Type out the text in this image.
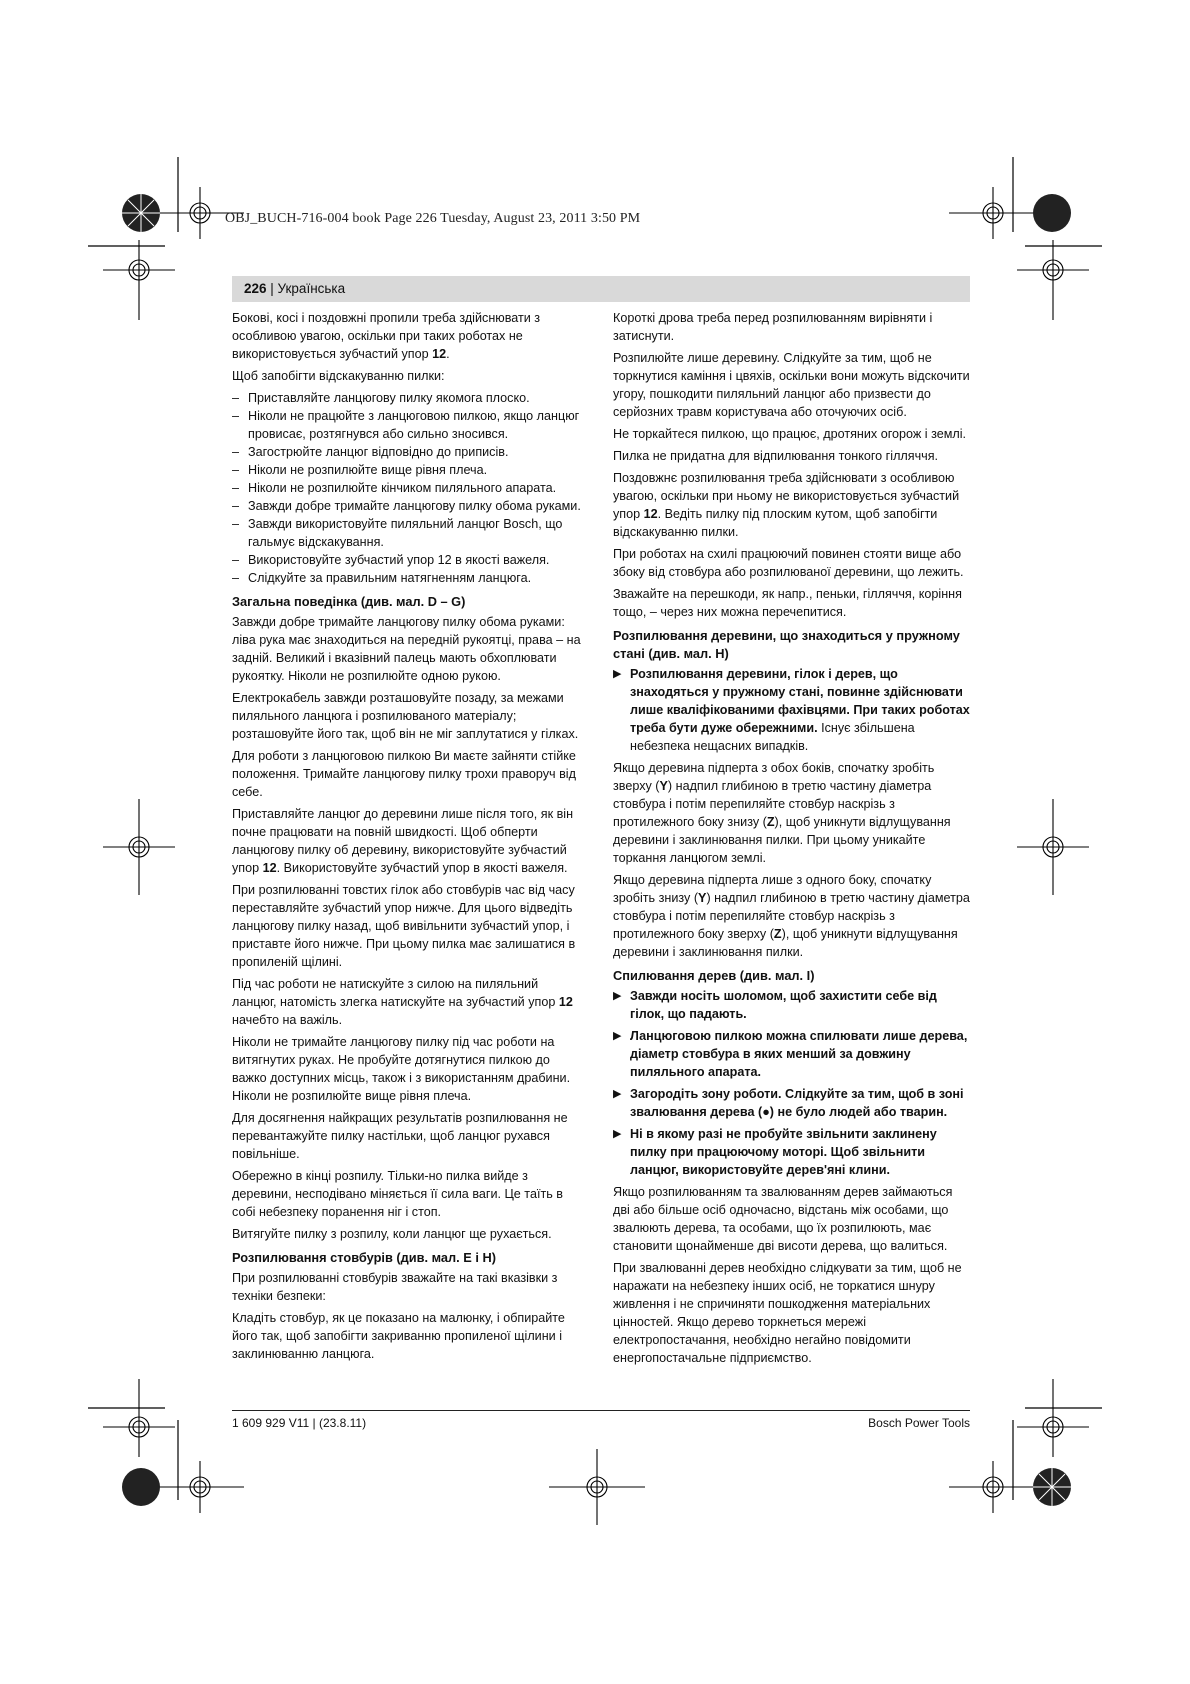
OBJ_BUCH-716-004 book Page 226 Tuesday, August 23, 2011 3:50 PM
226 | Українська

Бокові, косі і поздовжні пропили треба здійснювати з особливою увагою, оскільки при таких роботах не використовується зубчастий упор 12.

Щоб запобігти відскакуванню пилки:

– Приставляйте ланцюгову пилку якомога плоско.
– Ніколи не працюйте з ланцюговою пилкою, якщо ланцюг провисає, розтягнувся або сильно зносився.
– Загострюйте ланцюг відповідно до приписів.
– Ніколи не розпилюйте вище рівня плеча.
– Ніколи не розпилюйте кінчиком пиляльного апарата.
– Завжди добре тримайте ланцюгову пилку обома руками.
– Завжди використовуйте пиляльний ланцюг Bosch, що гальмує відскакування.
– Використовуйте зубчастий упор 12 в якості важеля.
– Слідкуйте за правильним натягненням ланцюга.
Загальна поведінка (див. мал. D – G)

Завжди добре тримайте ланцюгову пилку обома руками: ліва рука має знаходиться на передній рукоятці, права – на задній. Великий і вказівний палець мають обхоплювати рукоятку. Ніколи не розпилюйте одною рукою.

Електрокабель завжди розташовуйте позаду, за межами пиляльного ланцюга і розпилюваного матеріалу; розташовуйте його так, щоб він не міг заплутатися у гілках.

Для роботи з ланцюговою пилкою Ви маєте зайняти стійке положення. Тримайте ланцюгову пилку трохи праворуч від себе.

Приставляйте ланцюг до деревини лише після того, як він почне працювати на повній швидкості. Щоб обперти ланцюгову пилку об деревину, використовуйте зубчастий упор 12. Використовуйте зубчастий упор в якості важеля.

При розпилюванні товстих гілок або стовбурів час від часу переставляйте зубчастий упор нижче. Для цього відведіть ланцюгову пилку назад, щоб вивільнити зубчастий упор, і приставте його нижче. При цьому пилка має залишатися в пропиленій щілині.

Під час роботи не натискуйте з силою на пиляльний ланцюг, натомість злегка натискуйте на зубчастий упор 12 начебто на важіль.

Ніколи не тримайте ланцюгову пилку під час роботи на витягнутих руках. Не пробуйте дотягнутися пилкою до важко доступних місць, також і з використанням драбини. Ніколи не розпилюйте вище рівня плеча.

Для досягнення найкращих результатів розпилювання не перевантажуйте пилку настільки, щоб ланцюг рухався повільніше.

Обережно в кінці розпилу. Тільки-но пилка вийде з деревини, несподівано міняється її сила ваги. Це таїть в собі небезпеку поранення ніг і стоп.

Витягуйте пилку з розпилу, коли ланцюг ще рухається.

Розпилювання стовбурів (див. мал. E і H)

При розпилюванні стовбурів зважайте на такі вказівки з техніки безпеки:

Кладіть стовбур, як це показано на малюнку, і обпирайте його так, щоб запобігти закриванню пропиленої щілини і заклинюванню ланцюга.

Короткі дрова треба перед розпилюванням вирівняти і затиснути.

Розпилюйте лише деревину. Слідкуйте за тим, щоб не торкнутися каміння і цвяхів, оскільки вони можуть відскочити угору, пошкодити пиляльний ланцюг або призвести до серйозних травм користувача або оточуючих осіб.

Не торкайтеся пилкою, що працює, дротяних огорож і землі.

Пилка не придатна для відпилювання тонкого гілляччя.

Поздовжнє розпилювання треба здійснювати з особливою увагою, оскільки при ньому не використовується зубчастий упор 12. Ведіть пилку під плоским кутом, щоб запобігти відскакуванню пилки.

При роботах на схилі працюючий повинен стояти вище або збоку від стовбура або розпилюваної деревини, що лежить.

Зважайте на перешкоди, як напр., пеньки, гілляччя, коріння тощо, – через них можна перечепитися.

Розпилювання деревини, що знаходиться у пружному стані (див. мал. H)
▶ Розпилювання деревини, гілок і дерев, що знаходяться у пружному стані, повинне здійснювати лише кваліфікованими фахівцями. При таких роботах треба бути дуже обережними. Існує збільшена небезпека нещасних випадків.

Якщо деревина підперта з обох боків, спочатку зробіть зверху (Y) надпил глибиною в третю частину діаметра стовбура і потім перепиляйте стовбур наскрізь з протилежного боку знизу (Z), щоб уникнути відлущування деревини і заклинювання пилки. При цьому уникайте торкання ланцюгом землі.

Якщо деревина підперта лише з одного боку, спочатку зробіть знизу (Y) надпил глибиною в третю частину діаметра стовбура і потім перепиляйте стовбур наскрізь з протилежного боку зверху (Z), щоб уникнути відлущування деревини і заклинювання пилки.

Спилювання дерев (див. мал. I)
▶ Завжди носіть шоломом, щоб захистити себе від гілок, що падають.
▶ Ланцюговою пилкою можна спилювати лише дерева, діаметр стовбура в яких менший за довжину пиляльного апарата.
▶ Загородіть зону роботи. Слідкуйте за тим, щоб в зоні звалювання дерева (●) не було людей або тварин.
▶ Ні в якому разі не пробуйте звільнити заклинену пилку при працюючому моторі. Щоб звільнити ланцюг, використовуйте дерев'яні клини.

Якщо розпилюванням та звалюванням дерев займаються дві або більше осіб одночасно, відстань між особами, що звалюють дерева, та особами, що їх розпилюють, має становити щонайменше дві висоти дерева, що валиться.

При звалюванні дерев необхідно слідкувати за тим, щоб не наражати на небезпеку інших осіб, не торкатися шнуру живлення і не спричиняти пошкодження матеріальних цінностей. Якщо дерево торкнеться мережі електропостачання, необхідно негайно повідомити енергопостачальне підприємство.

1 609 929 V11 | (23.8.11)	Bosch Power Tools
